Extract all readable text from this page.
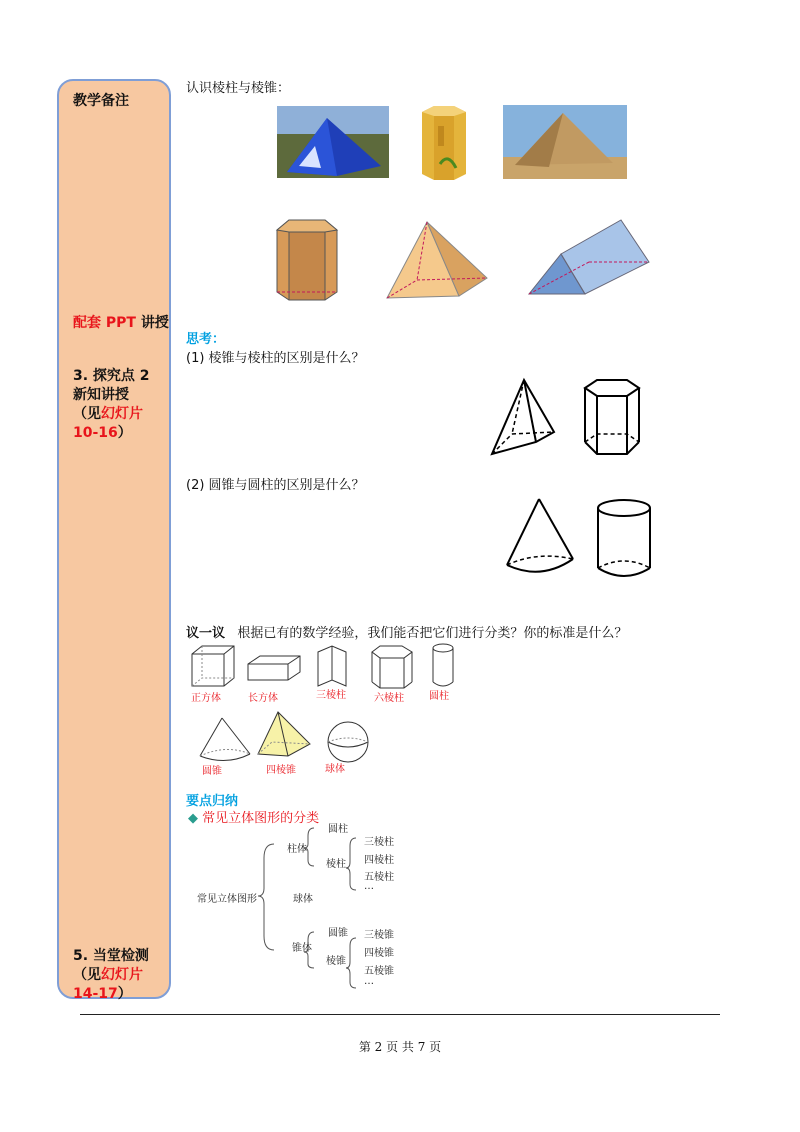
教学备注
配套 PPT 讲授
3. 探究点 2
新知讲授
（见幻灯片
10-16）
5. 当堂检测
（见幻灯片
14-17）
认识棱柱与棱锥：
思考：
(1) 棱锥与棱柱的区别是什么？
(2) 圆锥与圆柱的区别是什么？
议一议 根据已有的数学经验，我们能否把它们进行分类？你的标准是什么？
正方体	长方体	三棱柱	六棱柱	圆柱
圆锥	四棱锥	球体
要点归纳
◆ 常见立体图形的分类
常见立体图形
柱体
圆柱
棱柱
三棱柱
四棱柱
五棱柱
…
球体
锥体
圆锥
棱锥
三棱锥
四棱锥
五棱锥
…
第 2 页 共 7 页
